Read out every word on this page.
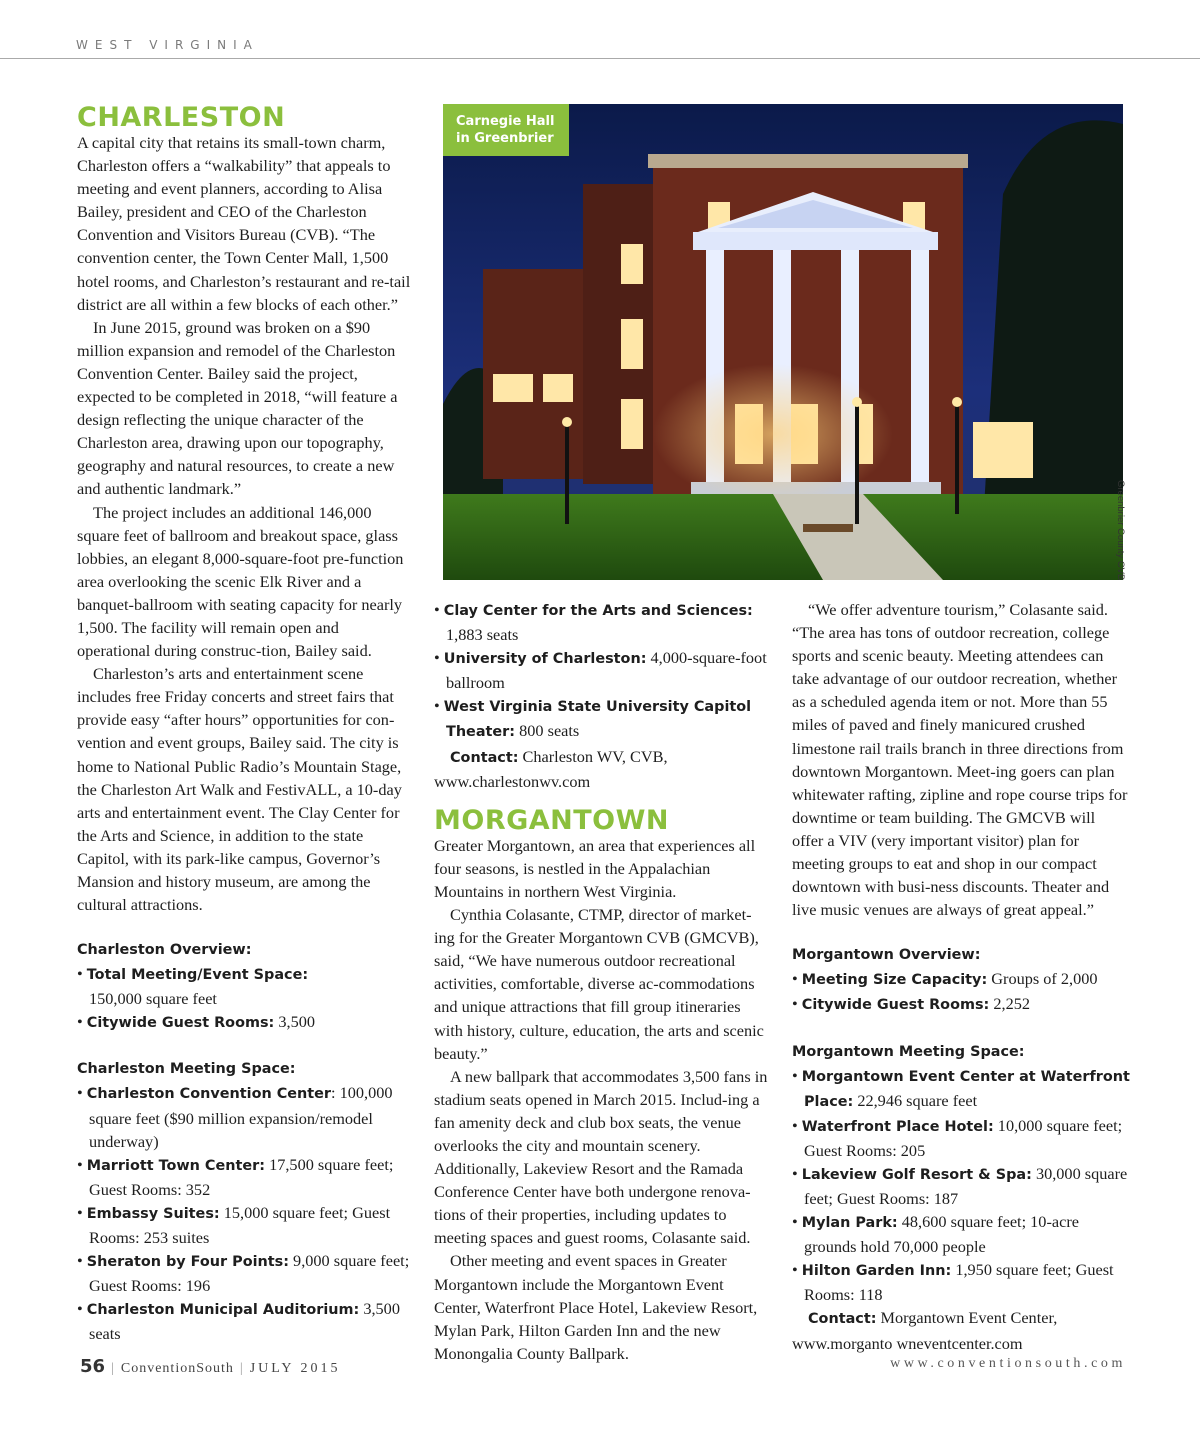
WEST VIRGINIA
CHARLESTON

A capital city that retains its small-town charm, Charleston offers a “walkability” that appeals to meeting and event planners, according to Alisa Bailey, president and CEO of the Charleston Convention and Visitors Bureau (CVB). “The convention center, the Town Center Mall, 1,500 hotel rooms, and Charleston’s restaurant and re-tail district are all within a few blocks of each other.”

In June 2015, ground was broken on a $90 million expansion and remodel of the Charleston Convention Center. Bailey said the project, expected to be completed in 2018, “will feature a design reflecting the unique character of the Charleston area, drawing upon our topography, geography and natural resources, to create a new and authentic landmark.”

The project includes an additional 146,000 square feet of ballroom and breakout space, glass lobbies, an elegant 8,000-square-foot pre-function area overlooking the scenic Elk River and a banquet-ballroom with seating capacity for nearly 1,500. The facility will remain open and operational during construc-tion, Bailey said.

Charleston’s arts and entertainment scene includes free Friday concerts and street fairs that provide easy “after hours” opportunities for con-vention and event groups, Bailey said. The city is home to National Public Radio’s Mountain Stage, the Charleston Art Walk and FestivALL, a 10-day arts and entertainment event. The Clay Center for the Arts and Science, in addition to the state Capitol, with its park-like campus, Governor’s Mansion and history museum, are among the cultural attractions.

Charleston Overview:
• Total Meeting/Event Space:
150,000 square feet
• Citywide Guest Rooms: 3,500
Charleston Meeting Space:
• Charleston Convention Center: 100,000 square feet ($90 million expansion/remodel underway)
• Marriott Town Center: 17,500 square feet; Guest Rooms: 352
• Embassy Suites: 15,000 square feet; Guest Rooms: 253 suites
• Sheraton by Four Points: 9,000 square feet; Guest Rooms: 196
• Charleston Municipal Auditorium: 3,500 seats
Carnegie Hall in Greenbrier
Greenbrier County CVB
• Clay Center for the Arts and Sciences:
1,883 seats
• University of Charleston: 4,000-square-foot ballroom
• West Virginia State University Capitol Theater: 800 seats

Contact: Charleston WV, CVB, www.charlestonwv.com

MORGANTOWN

Greater Morgantown, an area that experiences all four seasons, is nestled in the Appalachian Mountains in northern West Virginia.

Cynthia Colasante, CTMP, director of market-ing for the Greater Morgantown CVB (GMCVB), said, “We have numerous outdoor recreational activities, comfortable, diverse ac-commodations and unique attractions that fill group itineraries with history, culture, education, the arts and scenic beauty.”

A new ballpark that accommodates 3,500 fans in stadium seats opened in March 2015. Includ-ing a fan amenity deck and club box seats, the venue overlooks the city and mountain scenery. Additionally, Lakeview Resort and the Ramada Conference Center have both undergone renova-tions of their properties, including updates to meeting spaces and guest rooms, Colasante said.

Other meeting and event spaces in Greater Morgantown include the Morgantown Event Center, Waterfront Place Hotel, Lakeview Resort, Mylan Park, Hilton Garden Inn and the new Monongalia County Ballpark.

“We offer adventure tourism,” Colasante said. “The area has tons of outdoor recreation, college sports and scenic beauty. Meeting attendees can take advantage of our outdoor recreation, whether as a scheduled agenda item or not. More than 55 miles of paved and finely manicured crushed limestone rail trails branch in three directions from downtown Morgantown. Meet-ing goers can plan whitewater rafting, zipline and rope course trips for downtime or team building. The GMCVB will offer a VIV (very important visitor) plan for meeting groups to eat and shop in our compact downtown with busi-ness discounts. Theater and live music venues are always of great appeal.”

Morgantown Overview:
• Meeting Size Capacity: Groups of 2,000
• Citywide Guest Rooms: 2,252
Morgantown Meeting Space:
• Morgantown Event Center at Waterfront Place: 22,946 square feet
• Waterfront Place Hotel: 10,000 square feet; Guest Rooms: 205
• Lakeview Golf Resort & Spa: 30,000 square feet; Guest Rooms: 187
• Mylan Park: 48,600 square feet; 10-acre grounds hold 70,000 people
• Hilton Garden Inn: 1,950 square feet; Guest Rooms: 118

Contact: Morgantown Event Center, www.morganto wneventcenter.com

56 | ConventionSouth | JULY 2015	www.conventionsouth.com
